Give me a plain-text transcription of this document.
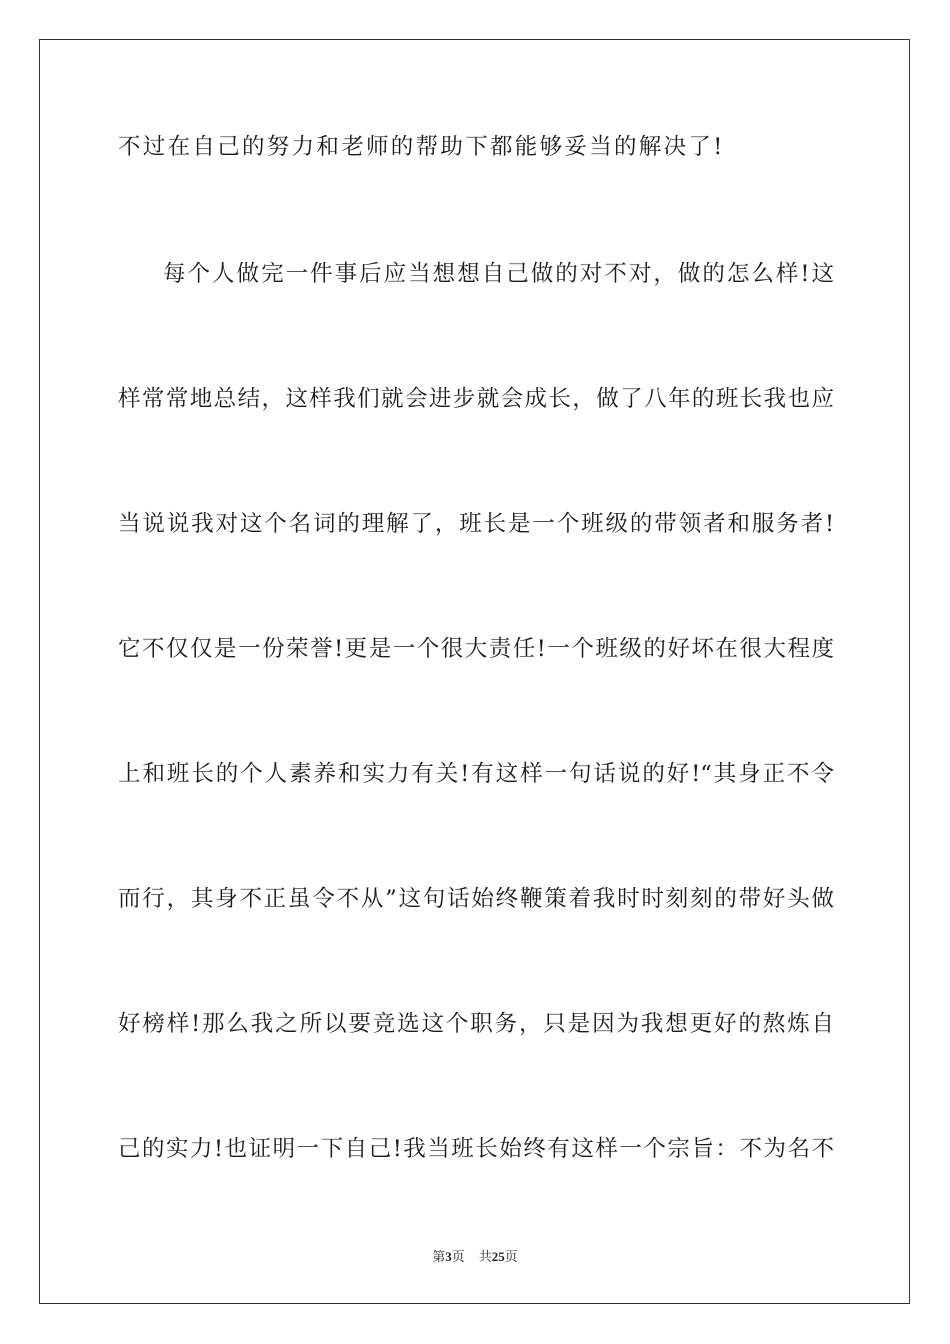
不过在自己的努力和老师的帮助下都能够妥当的解决了!
每个人做完一件事后应当想想自己做的对不对，做的怎么样!这
样常常地总结，这样我们就会进步就会成长，做了八年的班长我也应
当说说我对这个名词的理解了，班长是一个班级的带领者和服务者!
它不仅仅是一份荣誉!更是一个很大责任!一个班级的好坏在很大程度
上和班长的个人素养和实力有关!有这样一句话说的好!“其身正不令
而行，其身不正虽令不从”这句话始终鞭策着我时时刻刻的带好头做
好榜样!那么我之所以要竞选这个职务，只是因为我想更好的熬炼自
己的实力!也证明一下自己!我当班长始终有这样一个宗旨：不为名不
第3页 共25页
